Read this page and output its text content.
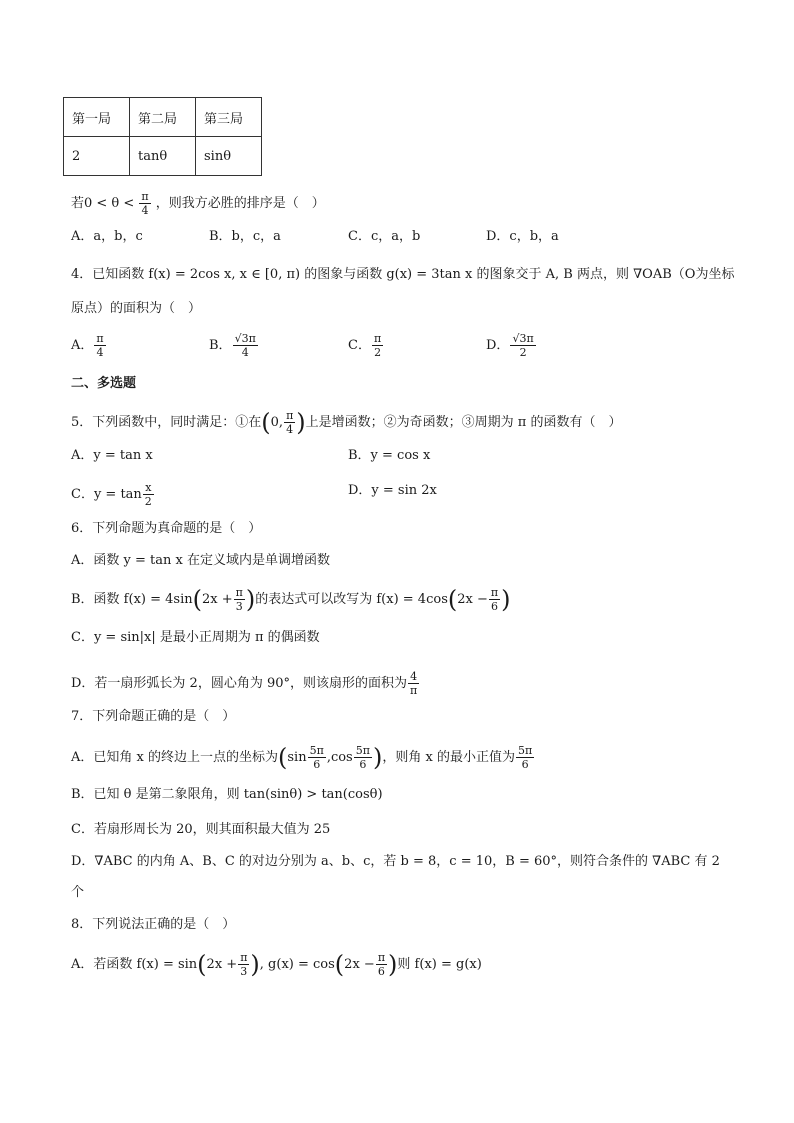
第一局	第二局	第三局
2	tanθ	sinθ
若$0 < \theta < \frac{\pi}{4}$ ，则我方必胜的排序是（　）
A．a，b，c	B．b，c，a	C．c，a，b	D．c，b，a
4．已知函数 f(x) = 2cos x, x ∈ [0, π) 的图象与函数 g(x) = 3tan x 的图象交于 A, B 两点，则 ∇OAB（O为坐标
原点）的面积为（　）
A． $\frac{\pi}{4}$	B． $\frac{√3\pi}{4}$	C． $\frac{\pi}{2}$	D． $\frac{√3\pi}{2}$
二、多选题
5．下列函数中，同时满足：①在(0, $\frac{\pi}{4}$ )上是增函数；②为奇函数；③周期为 π 的函数有（　）
A．y = tan x	B．y = cos x
C．$y = \tan \frac{x}{2}$	D．y = sin 2x
6．下列命题为真命题的是（　）
A．函数 y = tan x 在定义域内是单调增函数
B．函数 $f(x) = 4\sin(2x + \frac{\pi}{3}$ )的表达式可以改写为 $f(x) = 4\cos(2x - \frac{\pi}{6}$ )
C．y = sin|x| 是最小正周期为 π 的偶函数
D．若一扇形弧长为 2，圆心角为 90°，则该扇形的面积为 $\frac{4}{\pi}$
7．下列命题正确的是（　）
A．已知角 x 的终边上一点的坐标为($\sin \frac{5\pi}{6} ,\cos \frac{5\pi}{6}$ )，则角 x 的最小正值为 $\frac{5\pi}{6}$
B．已知 θ 是第二象限角，则 tan(sinθ) > tan(cosθ)
C．若扇形周长为 20，则其面积最大值为 25
D．∇ABC 的内角 A、B、C 的对边分别为 a、b、c，若 b = 8，c = 10，B = 60°，则符合条件的 ∇ABC 有 2
个
8．下列说法正确的是（　）
A．若函数 $f(x) = \sin(2x + \frac{\pi}{3}$ ), $g(x) = \cos(2x - \frac{\pi}{6}$ )则 f(x) = g(x)
